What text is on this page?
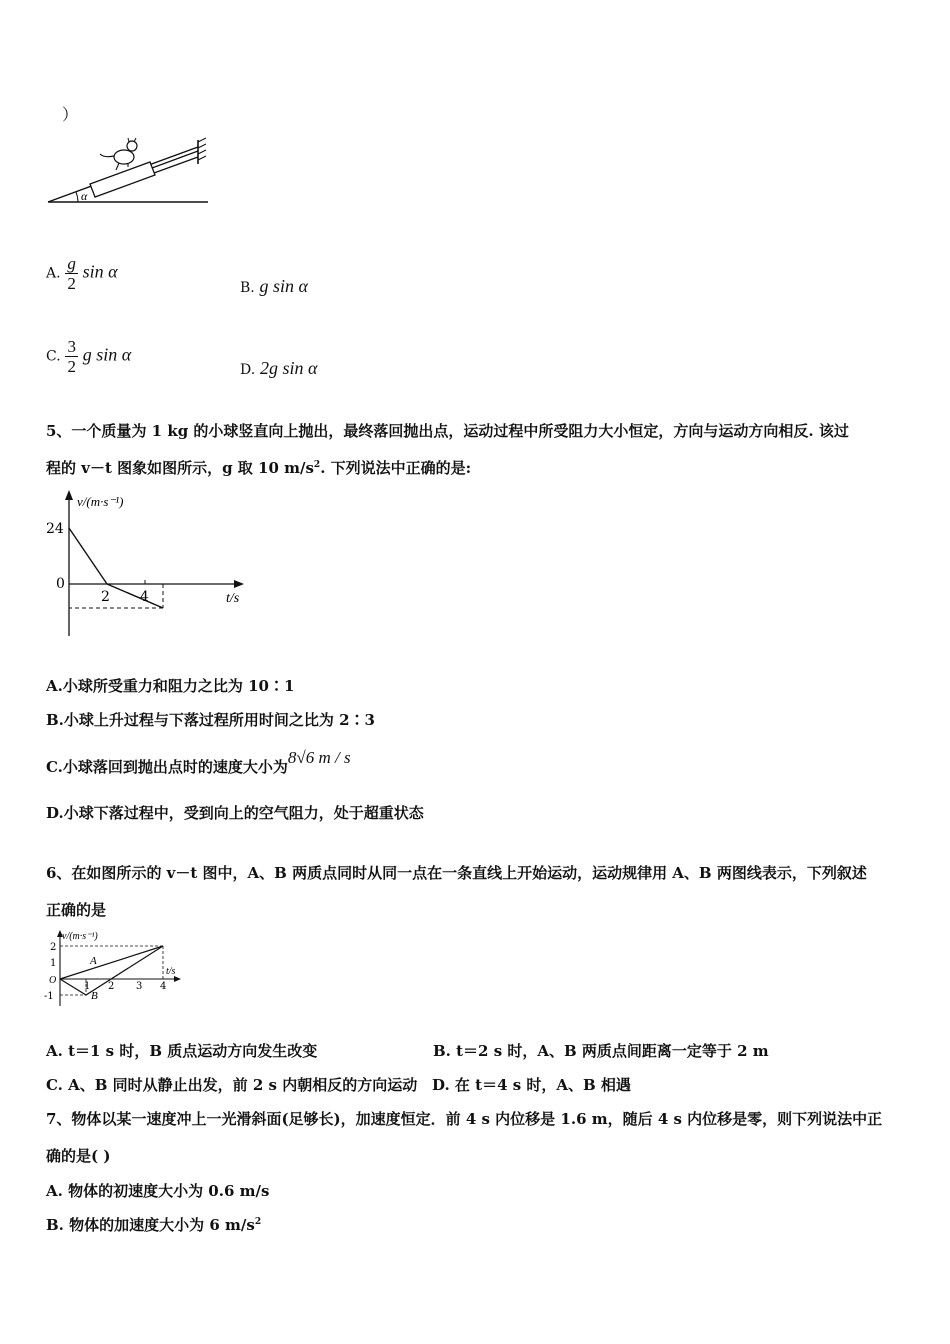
）
α
A. $\frac{g}{2}$ sin α
B. g sin α
C. $\frac{3}{2}$ g sin α
D. 2g sin α
5、一个质量为 1 kg 的小球竖直向上抛出，最终落回抛出点，运动过程中所受阻力大小恒定，方向与运动方向相反. 该过
程的 v－t 图象如图所示，g 取 10 $m/s^2$. 下列说法中正确的是:
v/(m·s⁻¹)
24
0
2 4	t/s
A.小球所受重力和阻力之比为 10∶1
B.小球上升过程与下落过程所用时间之比为 2∶3
C.小球落回到抛出点时的速度大小为8√6 m / s
D.小球下落过程中，受到向上的空气阻力，处于超重状态
6、在如图所示的 v－t 图中，A、B 两质点同时从同一点在一条直线上开始运动，运动规律用 A、B 两图线表示，下列叙述
正确的是
v/(m·s⁻¹)
2
1
-1
O
1 2 3 4
t/s
A
B
A. t＝1 s 时，B 质点运动方向发生改变	B. t＝2 s 时，A、B 两质点间距离一定等于 2 m
C. A、B 同时从静止出发，前 2 s 内朝相反的方向运动 D. 在 t＝4 s 时，A、B 相遇
7、物体以某一速度冲上一光滑斜面(足够长)，加速度恒定．前 4 s 内位移是 1.6 m，随后 4 s 内位移是零，则下列说法中正
确的是( )
A. 物体的初速度大小为 0.6 m/s
B. 物体的加速度大小为 6 $m/s^2$
